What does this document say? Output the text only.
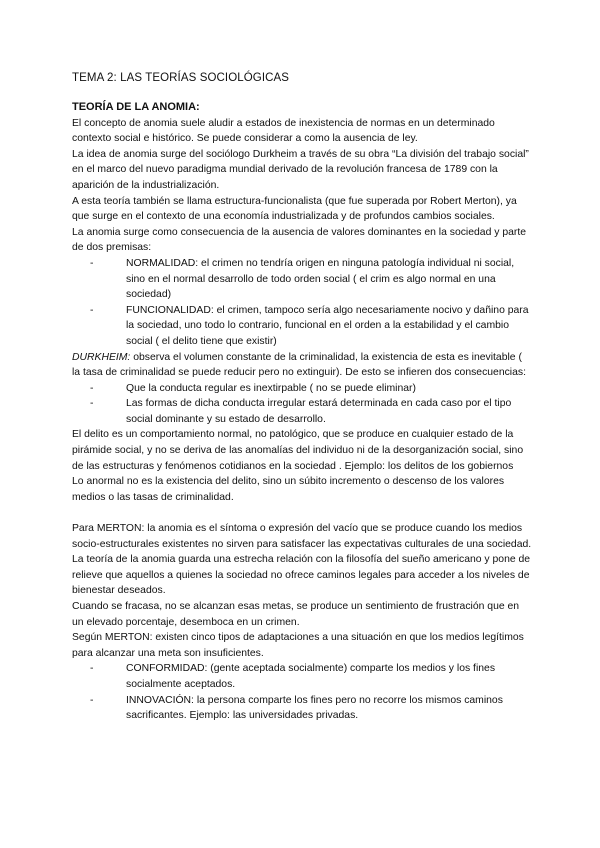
TEMA 2: LAS TEORÍAS SOCIOLÓGICAS

TEORÍA DE LA ANOMIA:

El concepto de anomia suele aludir a estados de inexistencia de normas en un determinado contexto social e histórico. Se puede considerar a como la ausencia de ley.

La idea de anomia surge del sociólogo Durkheim a través de su obra “La división del trabajo social” en el marco del nuevo paradigma mundial derivado de la revolución francesa de 1789 con la aparición de la industrialización.

A esta teoría también se llama estructura-funcionalista (que fue superada por Robert Merton), ya que surge en el contexto de una economía industrializada y de profundos cambios sociales.

La anomia surge como consecuencia de la ausencia de valores dominantes en la sociedad y parte de dos premisas:

- NORMALIDAD: el crimen no tendría origen en ninguna patología individual ni social, sino en el normal desarrollo de todo orden social ( el crim es algo normal en una sociedad)
- FUNCIONALIDAD: el crimen, tampoco sería algo necesariamente nocivo y dañino para la sociedad, uno todo lo contrario, funcional en el orden a la estabilidad y el cambio social ( el delito tiene que existir)

DURKHEIM: observa el volumen constante de la criminalidad, la existencia de esta es inevitable ( la tasa de criminalidad se puede reducir pero no extinguir). De esto se infieren dos consecuencias:

- Que la conducta regular es inextirpable ( no se puede eliminar)
- Las formas de dicha conducta irregular estará determinada en cada caso por el tipo social dominante y su estado de desarrollo.

El delito es un comportamiento normal, no patológico, que se produce en cualquier estado de la pirámide social, y no se deriva de las anomalías del individuo ni de la desorganización social, sino de las estructuras y fenómenos cotidianos en la sociedad . Ejemplo: los delitos de los gobiernos

Lo anormal no es la existencia del delito, sino un súbito incremento o descenso de los valores medios o las tasas de criminalidad.

Para MERTON: la anomia es el síntoma o expresión del vacío que se produce cuando los medios socio-estructurales existentes no sirven para satisfacer las expectativas culturales de una sociedad.

La teoría de la anomia guarda una estrecha relación con la filosofía del sueño americano y pone de relieve que aquellos a quienes la sociedad no ofrece caminos legales para acceder a los niveles de bienestar deseados.

Cuando se fracasa, no se alcanzan esas metas, se produce un sentimiento de frustración que en un elevado porcentaje, desemboca en un crimen.

Según MERTON: existen cinco tipos de adaptaciones a una situación en que los medios legítimos para alcanzar una meta son insuficientes.

- CONFORMIDAD: (gente aceptada socialmente) comparte los medios y los fines socialmente aceptados.
- INNOVACIÓN: la persona comparte los fines pero no recorre los mismos caminos sacrificantes. Ejemplo: las universidades privadas.
